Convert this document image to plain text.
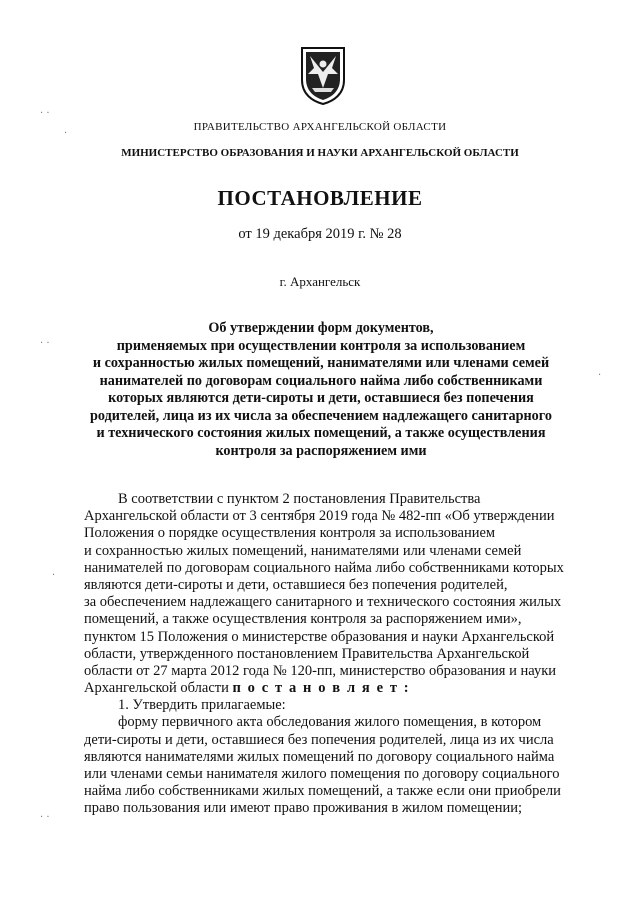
ПРАВИТЕЛЬСТВО АРХАНГЕЛЬСКОЙ ОБЛАСТИ
МИНИСТЕРСТВО ОБРАЗОВАНИЯ И НАУКИ АРХАНГЕЛЬСКОЙ ОБЛАСТИ
ПОСТАНОВЛЕНИЕ
от 19 декабря 2019 г. № 28
г. Архангельск
Об утверждении форм документов,
применяемых при осуществлении контроля за использованием
и сохранностью жилых помещений, нанимателями или членами семей
нанимателей по договорам социального найма либо собственниками
которых являются дети-сироты и дети, оставшиеся без попечения
родителей, лица из их числа за обеспечением надлежащего санитарного
и технического состояния жилых помещений, а также осуществления
контроля за распоряжением ими
В соответствии с пунктом 2 постановления Правительства
Архангельской области от 3 сентября 2019 года № 482-пп «Об утверждении
Положения о порядке осуществления контроля за использованием
и сохранностью жилых помещений, нанимателями или членами семей
нанимателей по договорам социального найма либо собственниками которых
являются дети-сироты и дети, оставшиеся без попечения родителей,
за обеспечением надлежащего санитарного и технического состояния жилых
помещений, а также осуществления контроля за распоряжением ими»,
пунктом 15 Положения о министерстве образования и науки Архангельской
области, утвержденного постановлением Правительства Архангельской
области от 27 марта 2012 года № 120-пп, министерство образования и науки
Архангельской области п о с т а н о в л я е т :
1. Утвердить прилагаемые:
форму первичного акта обследования жилого помещения, в котором
дети-сироты и дети, оставшиеся без попечения родителей, лица из их числа
являются нанимателями жилых помещений по договору социального найма
или членами семьи нанимателя жилого помещения по договору социального
найма либо собственниками жилых помещений, а также если они приобрели
право пользования или имеют право проживания в жилом помещении;
· ·
·
· ·
·
·
· ·
